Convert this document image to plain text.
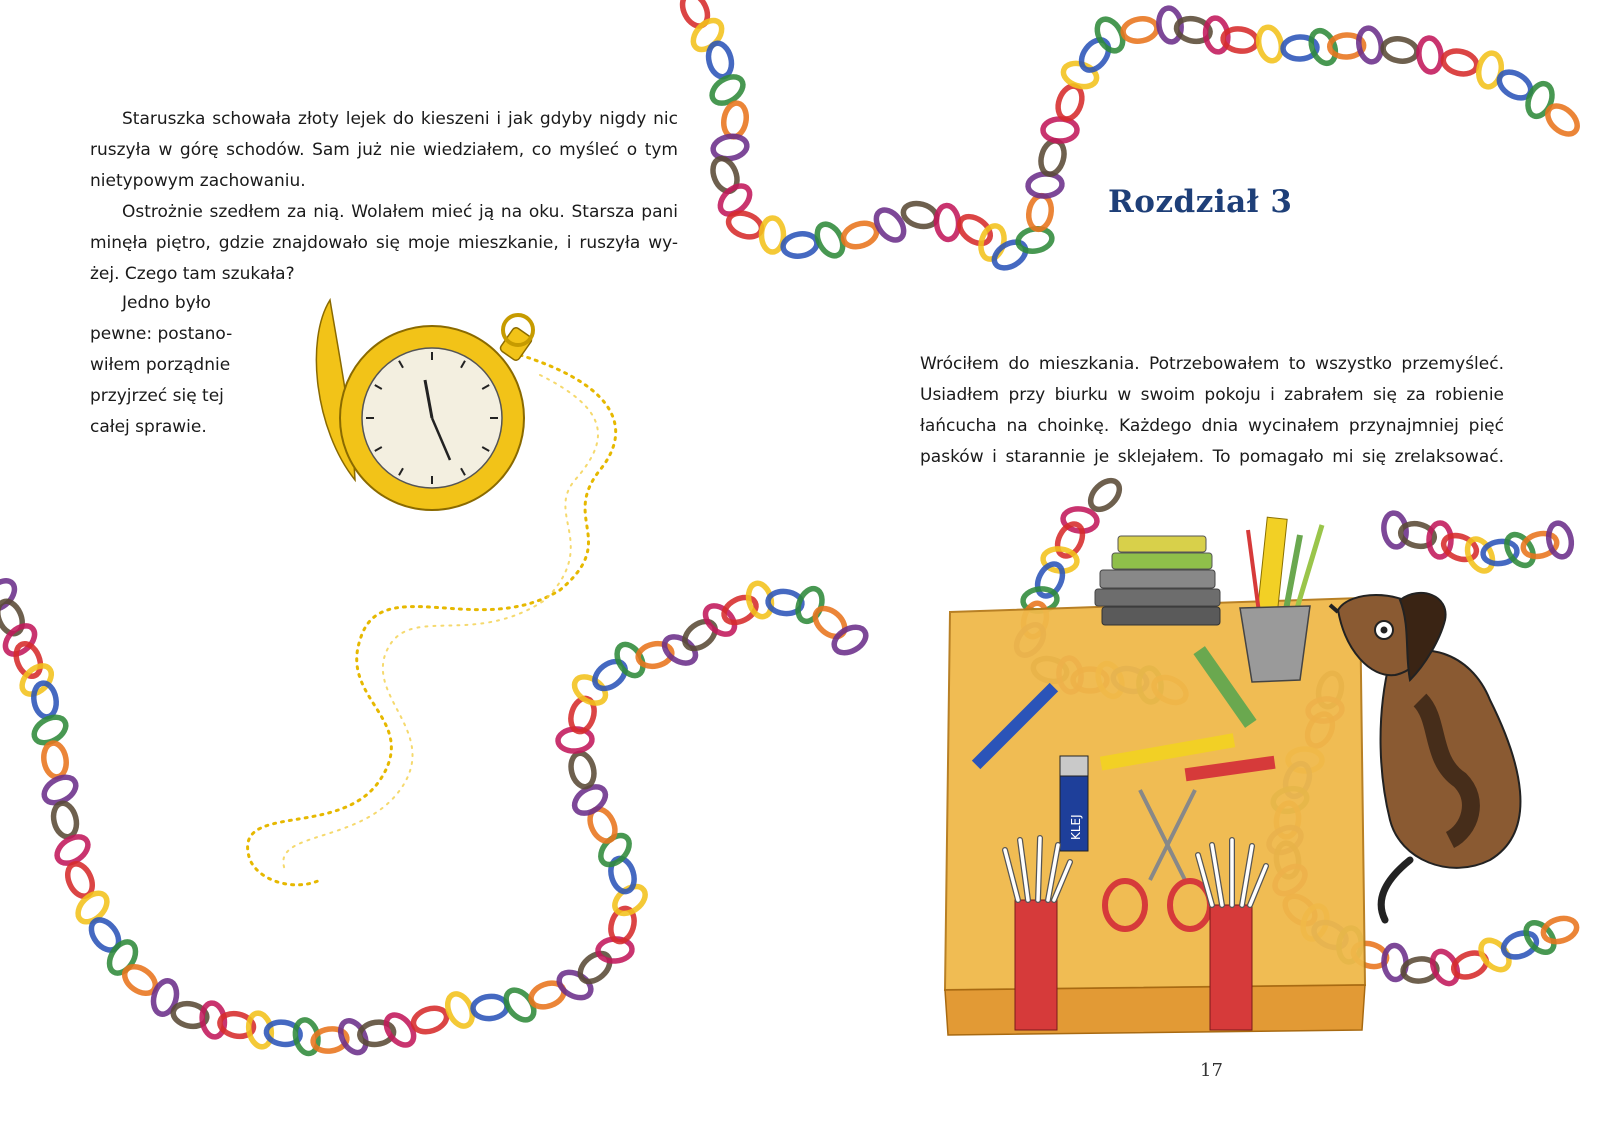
KLEJ

Staruszka schowała złoty lejek do kieszeni i jak gdyby nigdy nic
ruszyła w górę schodów. Sam już nie wiedziałem, co myśleć o tym
nietypowym zachowaniu.

Ostrożnie szedłem za nią. Wolałem mieć ją na oku. Starsza pani
minęła piętro, gdzie znajdowało się moje mieszkanie, i ruszyła wy-
żej. Czego tam szukała?

Jedno było
pewne: postano-
wiłem porządnie
przyjrzeć się tej
całej sprawie.

Rozdział 3

Wróciłem do mieszkania. Potrzebowałem to wszystko przemyśleć.
Usiadłem przy biurku w swoim pokoju i zabrałem się za robienie
łańcucha na choinkę. Każdego dnia wycinałem przynajmniej pięć
pasków i starannie je sklejałem. To pomagało mi się zrelaksować.

17
